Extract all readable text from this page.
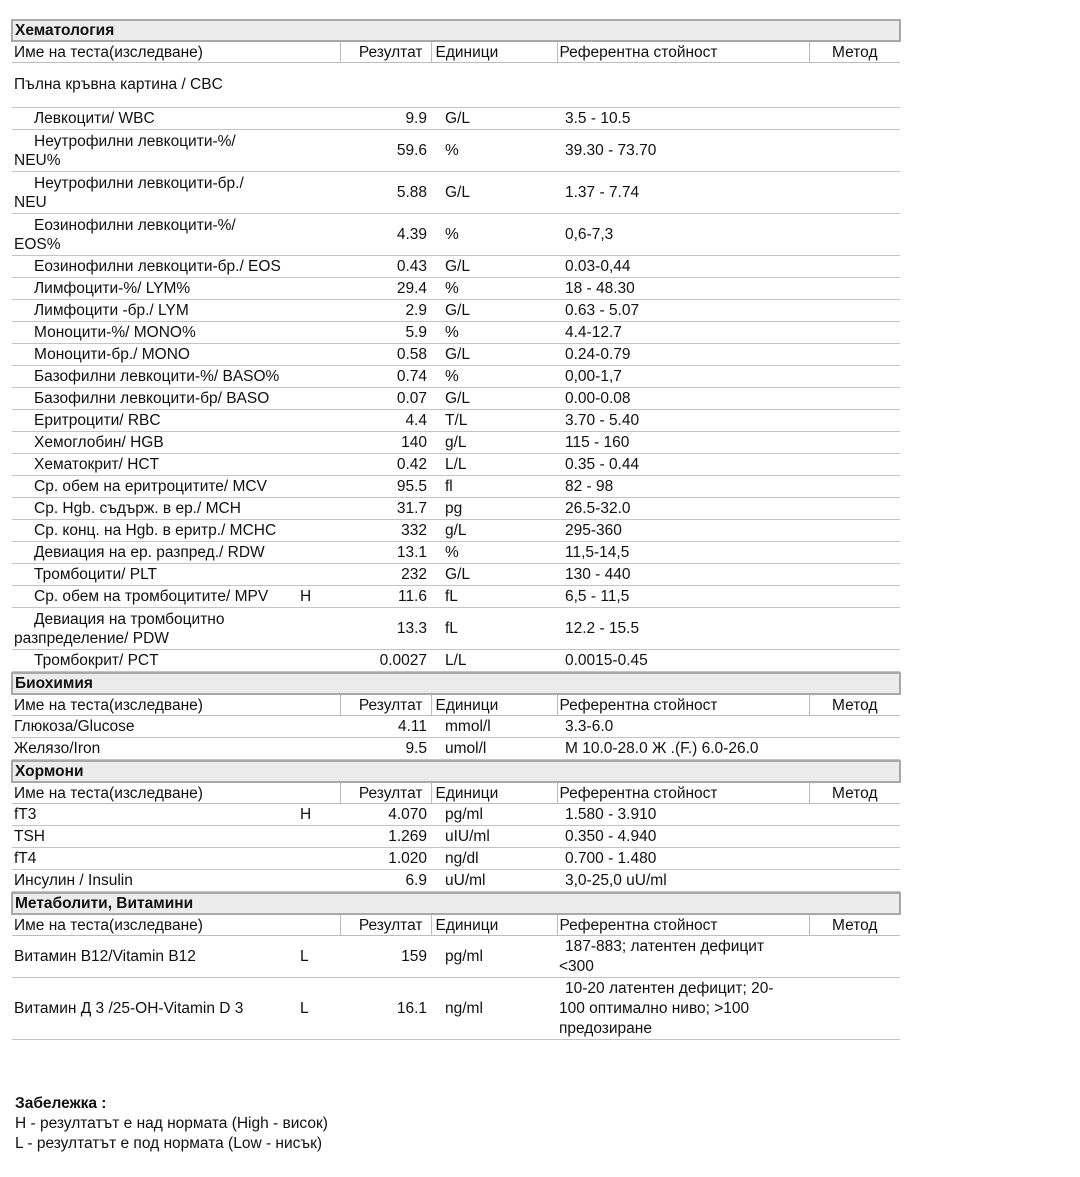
Хематология					
Име на теста(изследване)		Резултат	Единици	Референтна стойност	Метод
Пълна кръвна картина / CBC					
Левкоцити/ WBC		9.9	G/L	3.5 - 10.5	

Неутрофилни левкоцити-%/
NEU%		59.6	%	39.30 - 73.70	

Неутрофилни левкоцити-бр./
NEU		5.88	G/L	1.37 - 7.74	

Еозинофилни левкоцити-%/
EOS%		4.39	%	0,6-7,3	
Еозинофилни левкоцити-бр./ EOS		0.43	G/L	0.03-0,44	
Лимфоцити-%/ LYM%		29.4	%	18 - 48.30	
Лимфоцити -бр./ LYM		2.9	G/L	0.63 - 5.07	
Моноцити-%/ MONO%		5.9	%	4.4-12.7	
Моноцити-бр./ MONO		0.58	G/L	0.24-0.79	
Базофилни левкоцити-%/ BASO%		0.74	%	0,00-1,7	
Базофилни левкоцити-бр/ BASO		0.07	G/L	0.00-0.08	
Еритроцити/ RBC		4.4	T/L	3.70 - 5.40	
Хемоглобин/ HGB		140	g/L	115 - 160	
Хематокрит/ HCT		0.42	L/L	0.35 - 0.44	
Ср. обем на еритроцитите/ MCV		95.5	fl	82 - 98	
Ср. Hgb. съдърж. в ер./ MCH		31.7	pg	26.5-32.0	
Ср. конц. на Hgb. в еритр./ MCHC		332	g/L	295-360	
Девиация на ер. разпред./ RDW		13.1	%	11,5-14,5	
Тромбоцити/ PLT		232	G/L	130 - 440	
Ср. обем на тромбоцитите/ MPV	H	11.6	fL	6,5 - 11,5	

Девиация на тромбоцитно
разпределение/ PDW		13.3	fL	12.2 - 15.5	
Тромбокрит/ PCT		0.0027	L/L	0.0015-0.45	
Биохимия					
Име на теста(изследване)		Резултат	Единици	Референтна стойност	Метод
Глюкоза/Glucose		4.11	mmol/l	3.3-6.0	
Желязо/Iron		9.5	umol/l	M 10.0-28.0 Ж .(F.) 6.0-26.0	
Хормони					
Име на теста(изследване)		Резултат	Единици	Референтна стойност	Метод
fT3	H	4.070	pg/ml	1.580 - 3.910	
TSH		1.269	uIU/ml	0.350 - 4.940	
fT4		1.020	ng/dl	0.700 - 1.480	
Инсулин / Insulin		6.9	uU/ml	3,0-25,0 uU/ml	
Метаболити, Витамини					
Име на теста(изследване)		Резултат	Единици	Референтна стойност	Метод
Витамин B12/Vitamin B12	L	159	pg/ml	187-883; латентен дефицит
<300	

Витамин Д 3 /25-OH-Vitamin D 3	L	16.1	ng/ml	10-20 латентен дефицит; 20-
100 оптимално ниво; >100
предозиране	

Забележка :
H - резултатът е над нормата (High - висок)
L - резултатът е под нормата (Low - нисък)
